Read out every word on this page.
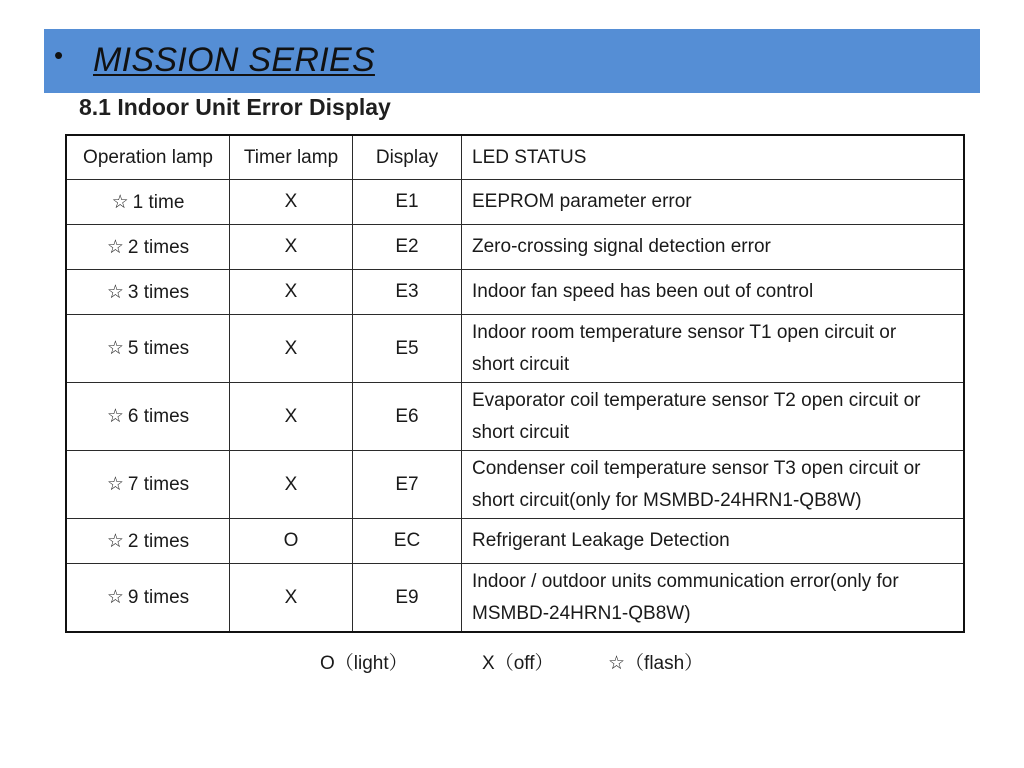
• MISSION SERIES
8.1 Indoor Unit Error Display
Operation lamp	Timer lamp	Display	LED STATUS
☆ 1 time	X	E1	EEPROM parameter error
☆ 2 times	X	E2	Zero-crossing signal detection error
☆ 3 times	X	E3	Indoor fan speed has been out of control
☆ 5 times	X	E5	Indoor room temperature sensor T1 open circuit or
short circuit
☆ 6 times	X	E6	Evaporator coil temperature sensor T2 open circuit or
short circuit
☆ 7 times	X	E7	Condenser coil temperature sensor T3 open circuit or
short circuit(only for MSMBD-24HRN1-QB8W)
☆ 2 times	O	EC	Refrigerant Leakage Detection
☆ 9 times	X	E9	Indoor / outdoor units communication error(only for
MSMBD-24HRN1-QB8W)
O（light）	X（off）	☆（flash）
